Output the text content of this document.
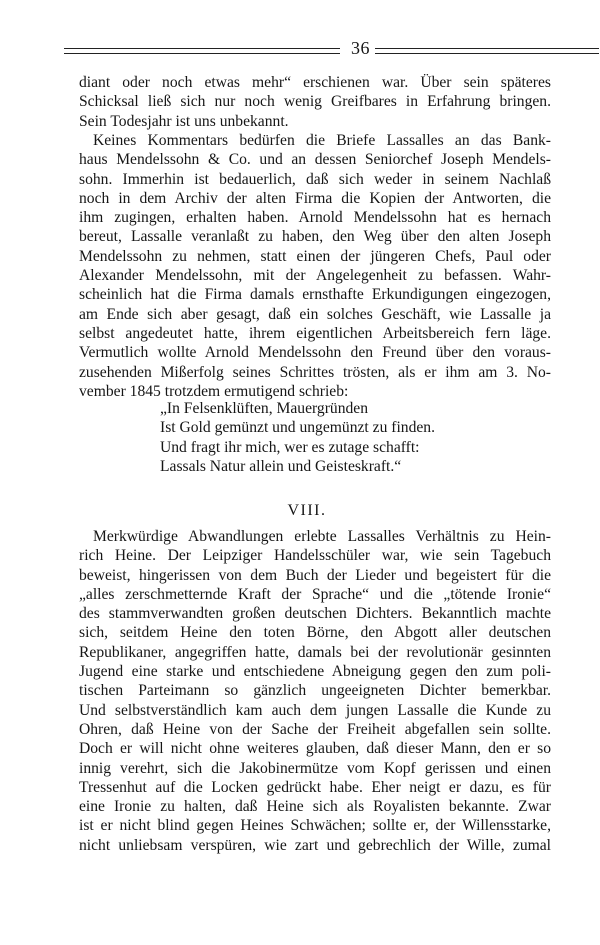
36
diant oder noch etwas mehr“ erschienen war. Über sein späteres
Schicksal ließ sich nur noch wenig Greifbares in Erfahrung bringen.
Sein Todesjahr ist uns unbekannt.
Keines Kommentars bedürfen die Briefe Lassalles an das Bank-
haus Mendelssohn & Co. und an dessen Seniorchef Joseph Mendels-
sohn. Immerhin ist bedauerlich, daß sich weder in seinem Nachlaß
noch in dem Archiv der alten Firma die Kopien der Antworten, die
ihm zugingen, erhalten haben. Arnold Mendelssohn hat es hernach
bereut, Lassalle veranlaßt zu haben, den Weg über den alten Joseph
Mendelssohn zu nehmen, statt einen der jüngeren Chefs, Paul oder
Alexander Mendelssohn, mit der Angelegenheit zu befassen. Wahr-
scheinlich hat die Firma damals ernsthafte Erkundigungen eingezogen,
am Ende sich aber gesagt, daß ein solches Geschäft, wie Lassalle ja
selbst angedeutet hatte, ihrem eigentlichen Arbeitsbereich fern läge.
Vermutlich wollte Arnold Mendelssohn den Freund über den voraus-
zusehenden Mißerfolg seines Schrittes trösten, als er ihm am 3. No-
vember 1845 trotzdem ermutigend schrieb:
„In Felsenklüften, Mauergründen
Ist Gold gemünzt und ungemünzt zu finden.
Und fragt ihr mich, wer es zutage schafft:
Lassals Natur allein und Geisteskraft.“
VIII.
Merkwürdige Abwandlungen erlebte Lassalles Verhältnis zu Hein-
rich Heine. Der Leipziger Handelsschüler war, wie sein Tagebuch
beweist, hingerissen von dem Buch der Lieder und begeistert für die
„alles zerschmetternde Kraft der Sprache“ und die „tötende Ironie“
des stammverwandten großen deutschen Dichters. Bekanntlich machte
sich, seitdem Heine den toten Börne, den Abgott aller deutschen
Republikaner, angegriffen hatte, damals bei der revolutionär gesinnten
Jugend eine starke und entschiedene Abneigung gegen den zum poli-
tischen Parteimann so gänzlich ungeeigneten Dichter bemerkbar.
Und selbstverständlich kam auch dem jungen Lassalle die Kunde zu
Ohren, daß Heine von der Sache der Freiheit abgefallen sein sollte.
Doch er will nicht ohne weiteres glauben, daß dieser Mann, den er so
innig verehrt, sich die Jakobinermütze vom Kopf gerissen und einen
Tressenhut auf die Locken gedrückt habe. Eher neigt er dazu, es für
eine Ironie zu halten, daß Heine sich als Royalisten bekannte. Zwar
ist er nicht blind gegen Heines Schwächen; sollte er, der Willensstarke,
nicht unliebsam verspüren, wie zart und gebrechlich der Wille, zumal
